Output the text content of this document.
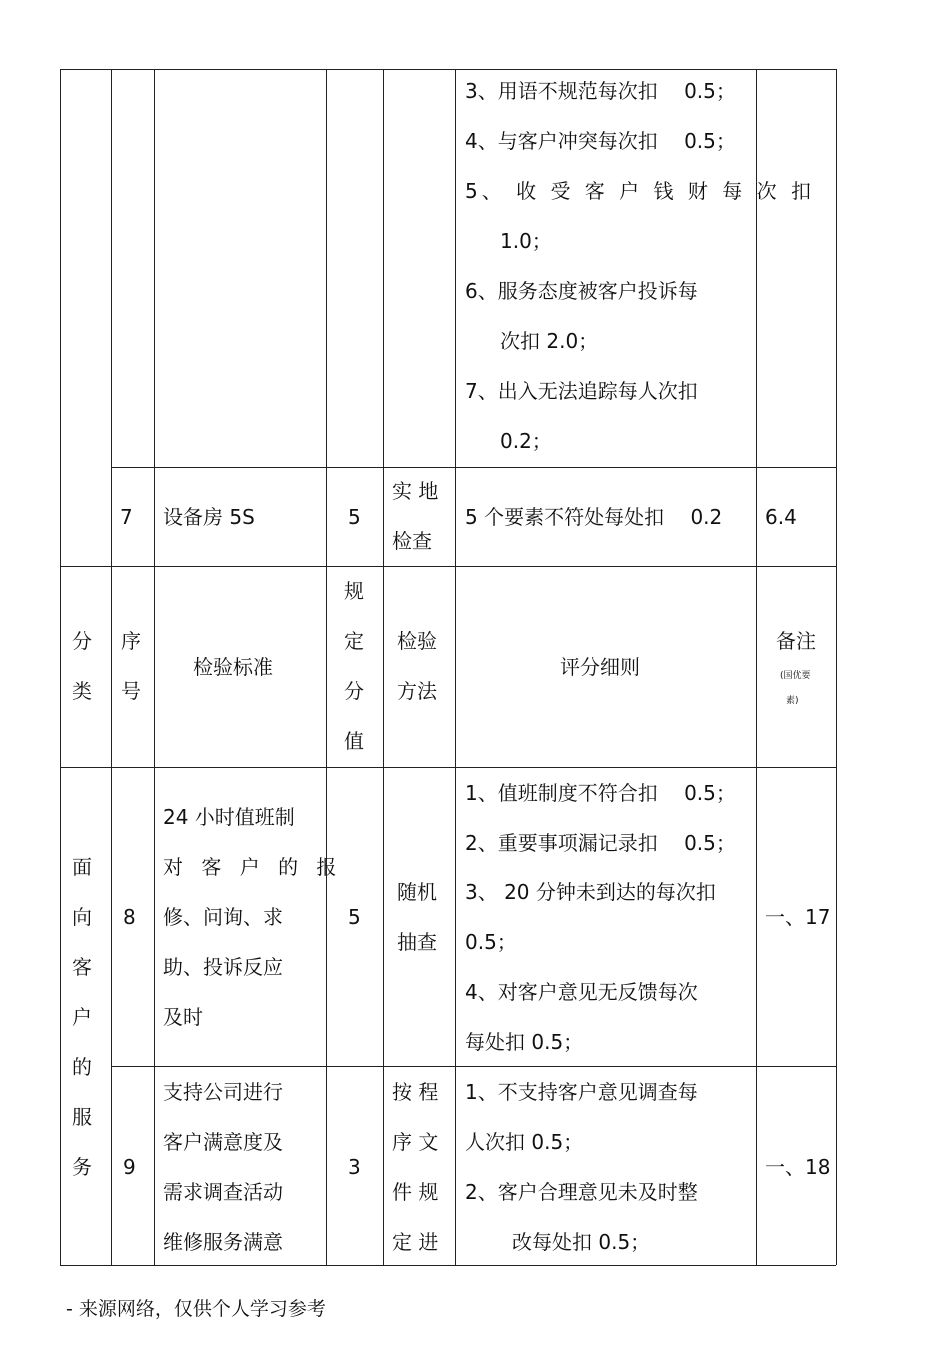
3、用语不规范每次扣　 0.5；
4、与客户冲突每次扣　 0.5；
5、 收 受 客 户 钱 财 每 次 扣
1.0；
6、服务态度被客户投诉每
次扣 2.0；
7、出入无法追踪每人次扣
0.2；
7 设备房 5S	5
实 地
检查
5 个要素不符处每处扣　 0.2 6.4
分
类
序
号
检验标准
规
定
分
值
检验
方法
评分细则
备注
(国优要
素)
面
向
客
户
的
服
务
8
24 小时值班制
对 客 户 的 报
修、问询、求
助、投诉反应
及时
5
随机
抽查
1、值班制度不符合扣　 0.5；
2、重要事项漏记录扣　 0.5；
3、 20 分钟未到达的每次扣
0.5；
4、对客户意见无反馈每次
每处扣 0.5；
一、17
9
支持公司进行
客户满意度及
需求调查活动
维修服务满意
3
按 程
序 文
件 规
定 进
1、不支持客户意见调查每
人次扣 0.5；
2、客户合理意见未及时整
改每处扣 0.5；
一、18
- 来源网络，仅供个人学习参考
